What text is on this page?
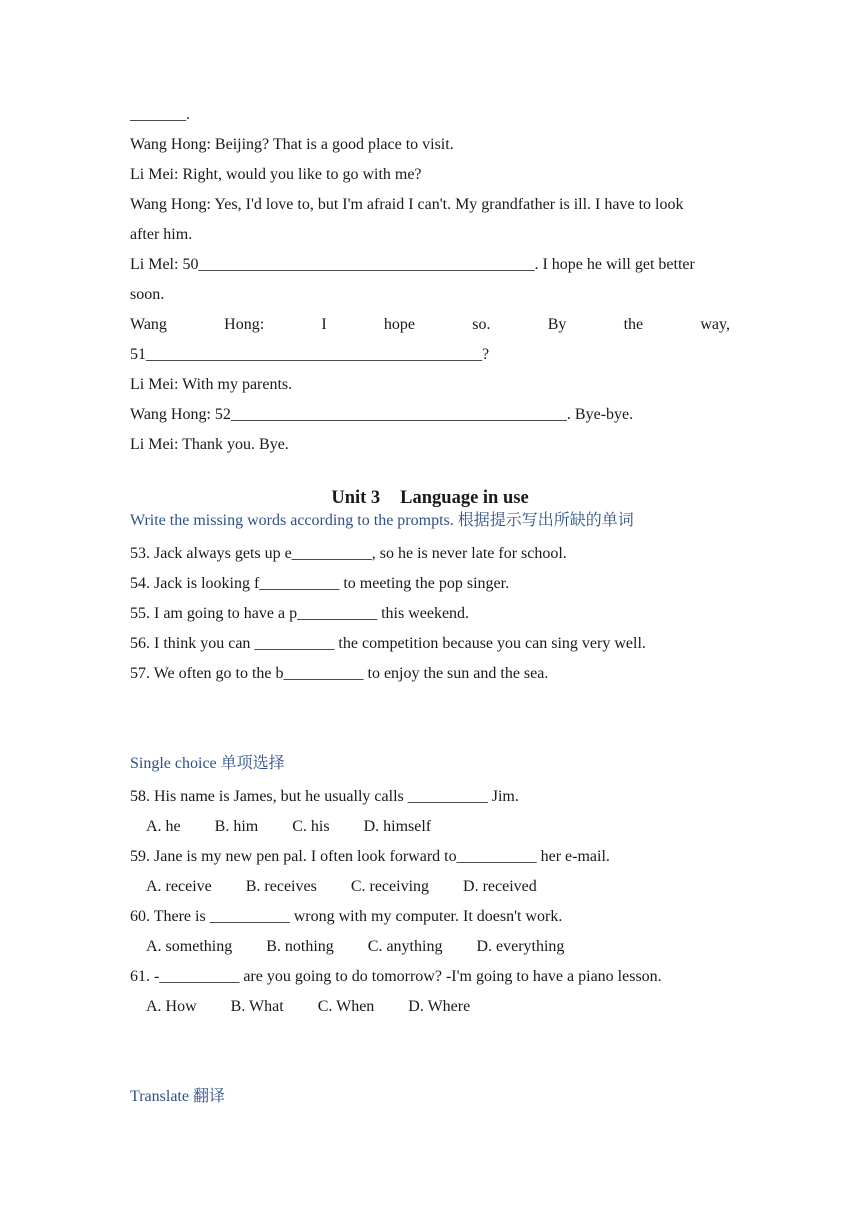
_______.
Wang Hong: Beijing? That is a good place to visit.
Li Mei: Right, would you like to go with me?
Wang Hong: Yes, I'd love to, but I'm afraid I can't. My grandfather is ill. I have to look
after him.
Li Mel: 50__________________________________________. I hope he will get better
soon.
Wang	Hong:	I	hope	so.	By	the	way,
51__________________________________________?
Li Mei: With my parents.
Wang Hong: 52__________________________________________. Bye-bye.
Li Mei: Thank you. Bye.
Unit 3 Language in use
Write the missing words according to the prompts. 根据提示写出所缺的单词
53. Jack always gets up e__________, so he is never late for school.
54. Jack is looking f__________ to meeting the pop singer.
55. I am going to have a p__________ this weekend.
56. I think you can __________ the competition because you can sing very well.
57. We often go to the b__________ to enjoy the sun and the sea.
Single choice 单项选择
58. His name is James, but he usually calls __________ Jim.
A. he B. him C. his D. himself
59. Jane is my new pen pal. I often look forward to__________ her e-mail.
A. receive B. receives C. receiving D. received
60. There is __________ wrong with my computer. It doesn't work.
A. something B. nothing C. anything D. everything
61. -__________ are you going to do tomorrow? -I'm going to have a piano lesson.
A. How B. What C. When D. Where
Translate 翻译
